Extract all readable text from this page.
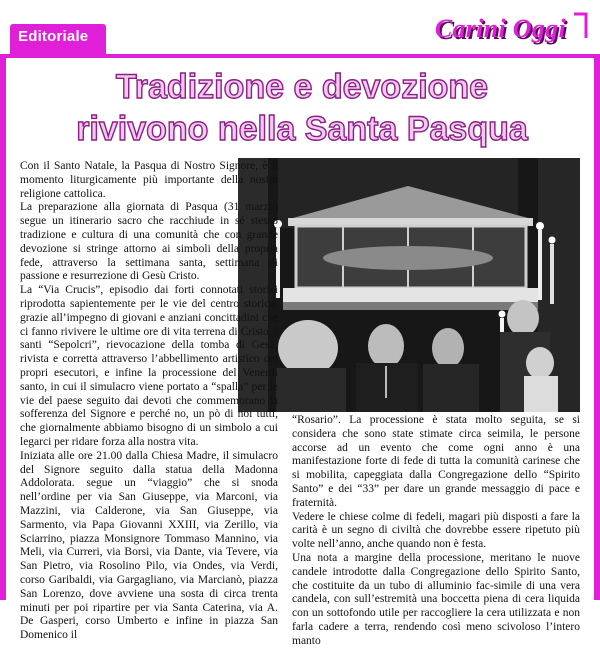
Editoriale	Carini Oggi
Tradizione e devozione
rivivono nella Santa Pasqua

Con il Santo Natale, la Pasqua di Nostro Signore, è il momento liturgicamente più importante della nostra religione cattolica.

La preparazione alla giornata di Pasqua (31 marzo) segue un itinerario sacro che racchiude in sé stesso tradizione e cultura di una comunità che con grande devozione si stringe attorno ai simboli della propria fede, attraverso la settimana santa, settimana di passione e resurrezione di Gesù Cristo.

La “Via Crucis”, episodio dai forti connotati storici riprodotta sapientemente per le vie del centro storico, grazie all’impegno di giovani e anziani concittadini che ci fanno rivivere le ultime ore di vita terrena di Cristo, i santi “Sepolcri”, rievocazione della tomba di Gesù, rivista e corretta attraverso l’abbellimento artistico dei propri esecutori, e infine la processione del Venerdì santo, in cui il simulacro viene portato a “spalla” per le vie del paese seguito dai devoti che commemorano la sofferenza del Signore e perché no, un pò di noi tutti, che giornalmente abbiamo bisogno di un simbolo a cui legarci per ridare forza alla nostra vita.

Iniziata alle ore 21.00 dalla Chiesa Madre, il simulacro del Signore seguito dalla statua della Madonna Addolorata. segue un “viaggio” che si snoda nell’ordine per via San Giuseppe, via Marconi, via Mazzini, via Calderone, via San Giuseppe, via Sarmento, via Papa Giovanni XXIII, via Zerillo, via Sciarrino, piazza Monsignore Tommaso Mannino, via Meli, via Curreri, via Borsi, via Dante, via Tevere, via San Pietro, via Rosolino Pilo, via Ondes, via Verdi, corso Garibaldi, via Gargagliano, via Marcianò, piazza San Lorenzo, dove avviene una sosta di circa trenta minuti per poi ripartire per via Santa Caterina, via A. De Gasperi, corso Umberto e infine in piazza San Domenico il

“Rosario”. La processione è stata molto seguita, se si considera che sono state stimate circa seimila, le persone accorse ad un evento che come ogni anno è una manifestazione forte di fede di tutta la comunità carinese che si mobilita, capeggiata dalla Congregazione dello “Spirito Santo” e dei “33” per dare un grande messaggio di pace e fraternità.

Vedere le chiese colme di fedeli, magari più disposti a fare la carità è un segno di civiltà che dovrebbe essere ripetuto più volte nell’anno, anche quando non è festa.

Una nota a margine della processione, meritano le nuove candele introdotte dalla Congregazione dello Spirito Santo, che costituite da un tubo di alluminio fac-simile di una vera candela, con sull’estremità una boccetta piena di cera liquida con un sottofondo utile per raccogliere la cera utilizzata e non farla cadere a terra, rendendo così meno scivoloso l’intero manto
